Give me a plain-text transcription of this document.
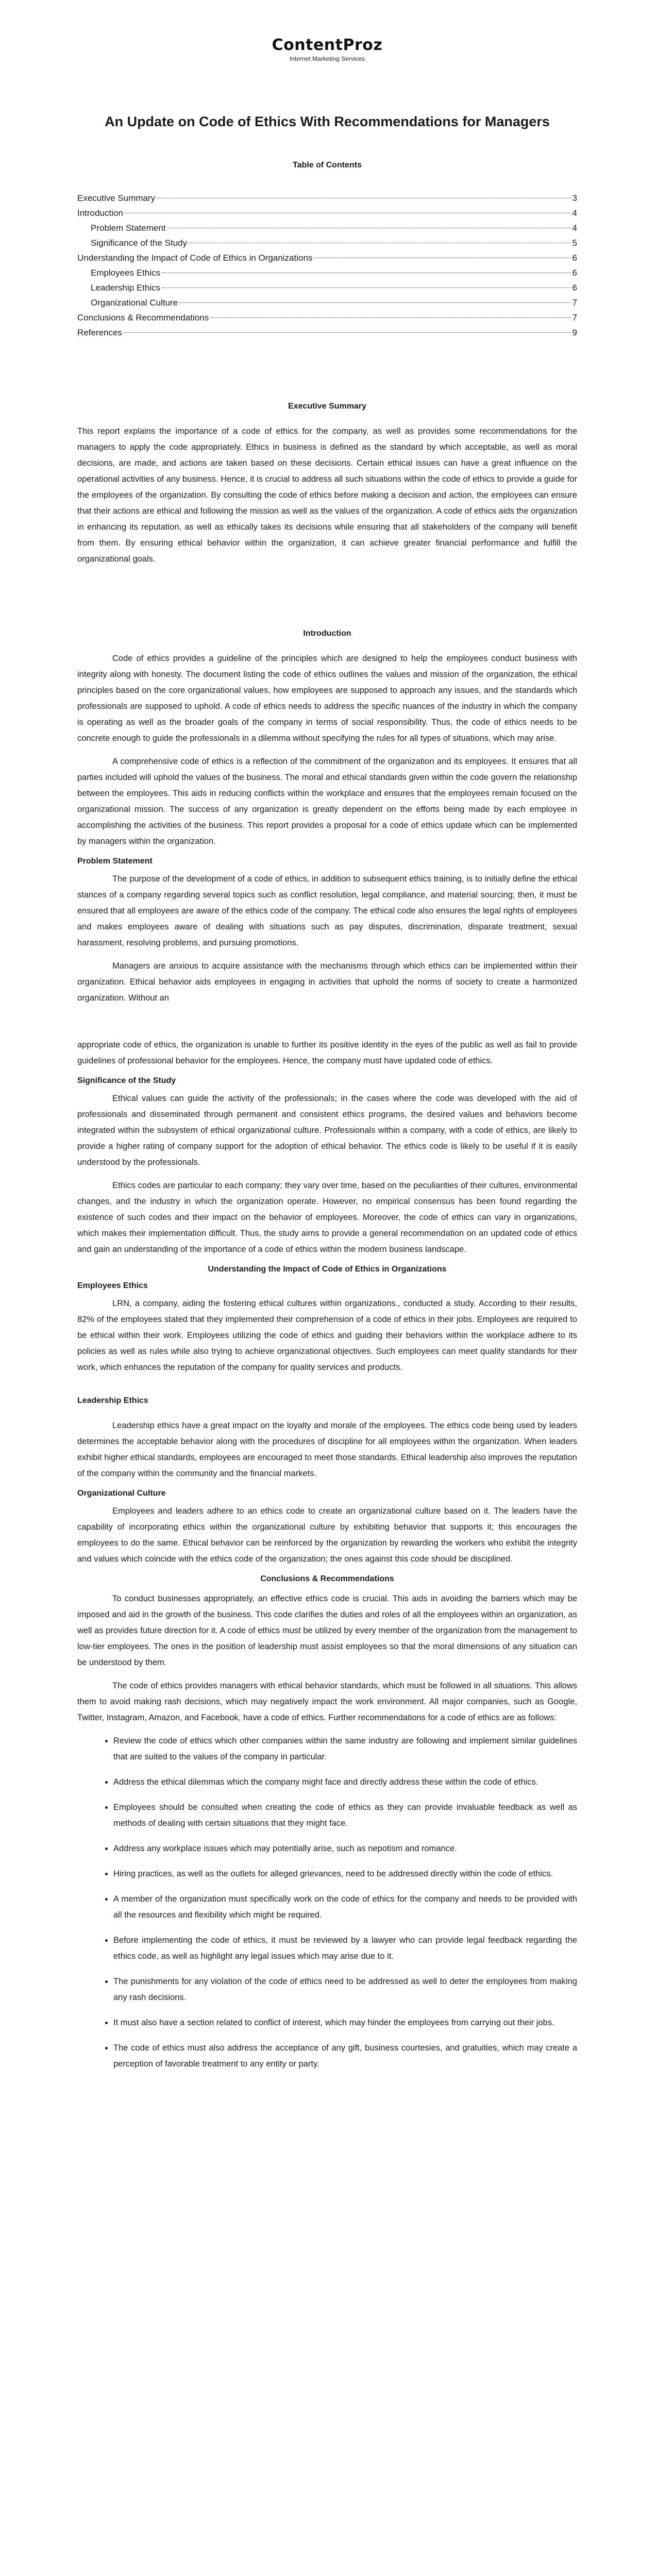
ContentProz
Internet Marketing Services
An Update on Code of Ethics With Recommendations for Managers
Table of Contents
Executive Summary	3
Introduction	4
Problem Statement	4
Significance of the Study	5
Understanding the Impact of Code of Ethics in Organizations	6
Employees Ethics	6
Leadership Ethics	6
Organizational Culture	7
Conclusions & Recommendations	7
References	9
Executive Summary

This report explains the importance of a code of ethics for the company, as well as provides some recommendations for the managers to apply the code appropriately. Ethics in business is defined as the standard by which acceptable, as well as moral decisions, are made, and actions are taken based on these decisions. Certain ethical issues can have a great influence on the operational activities of any business. Hence, it is crucial to address all such situations within the code of ethics to provide a guide for the employees of the organization. By consulting the code of ethics before making a decision and action, the employees can ensure that their actions are ethical and following the mission as well as the values of the organization. A code of ethics aids the organization in enhancing its reputation, as well as ethically takes its decisions while ensuring that all stakeholders of the company will benefit from them. By ensuring ethical behavior within the organization, it can achieve greater financial performance and fulfill the organizational goals.

Introduction

Code of ethics provides a guideline of the principles which are designed to help the employees conduct business with integrity along with honesty. The document listing the code of ethics outlines the values and mission of the organization, the ethical principles based on the core organizational values, how employees are supposed to approach any issues, and the standards which professionals are supposed to uphold. A code of ethics needs to address the specific nuances of the industry in which the company is operating as well as the broader goals of the company in terms of social responsibility. Thus, the code of ethics needs to be concrete enough to guide the professionals in a dilemma without specifying the rules for all types of situations, which may arise.

A comprehensive code of ethics is a reflection of the commitment of the organization and its employees. It ensures that all parties included will uphold the values of the business. The moral and ethical standards given within the code govern the relationship between the employees. This aids in reducing conflicts within the workplace and ensures that the employees remain focused on the organizational mission. The success of any organization is greatly dependent on the efforts being made by each employee in accomplishing the activities of the business. This report provides a proposal for a code of ethics update which can be implemented by managers within the organization.

Problem Statement

The purpose of the development of a code of ethics, in addition to subsequent ethics training, is to initially define the ethical stances of a company regarding several topics such as conflict resolution, legal compliance, and material sourcing; then, it must be ensured that all employees are aware of the ethics code of the company. The ethical code also ensures the legal rights of employees and makes employees aware of dealing with situations such as pay disputes, discrimination, disparate treatment, sexual harassment, resolving problems, and pursuing promotions.

Managers are anxious to acquire assistance with the mechanisms through which ethics can be implemented within their organization. Ethical behavior aids employees in engaging in activities that uphold the norms of society to create a harmonized organization. Without an

appropriate code of ethics, the organization is unable to further its positive identity in the eyes of the public as well as fail to provide guidelines of professional behavior for the employees. Hence, the company must have updated code of ethics.

Significance of the Study

Ethical values can guide the activity of the professionals; in the cases where the code was developed with the aid of professionals and disseminated through permanent and consistent ethics programs, the desired values and behaviors become integrated within the subsystem of ethical organizational culture. Professionals within a company, with a code of ethics, are likely to provide a higher rating of company support for the adoption of ethical behavior. The ethics code is likely to be useful if it is easily understood by the professionals.

Ethics codes are particular to each company; they vary over time, based on the peculiarities of their cultures, environmental changes, and the industry in which the organization operate. However, no empirical consensus has been found regarding the existence of such codes and their impact on the behavior of employees. Moreover, the code of ethics can vary in organizations, which makes their implementation difficult. Thus, the study aims to provide a general recommendation on an updated code of ethics and gain an understanding of the importance of a code of ethics within the modern business landscape.

Understanding the Impact of Code of Ethics in Organizations
Employees Ethics

LRN, a company, aiding the fostering ethical cultures within organizations., conducted a study. According to their results, 82% of the employees stated that they implemented their comprehension of a code of ethics in their jobs. Employees are required to be ethical within their work. Employees utilizing the code of ethics and guiding their behaviors within the workplace adhere to its policies as well as rules while also trying to achieve organizational objectives. Such employees can meet quality standards for their work, which enhances the reputation of the company for quality services and products.

Leadership Ethics

Leadership ethics have a great impact on the loyalty and morale of the employees. The ethics code being used by leaders determines the acceptable behavior along with the procedures of discipline for all employees within the organization. When leaders exhibit higher ethical standards, employees are encouraged to meet those standards. Ethical leadership also improves the reputation of the company within the community and the financial markets.

Organizational Culture

Employees and leaders adhere to an ethics code to create an organizational culture based on it. The leaders have the capability of incorporating ethics within the organizational culture by exhibiting behavior that supports it; this encourages the employees to do the same. Ethical behavior can be reinforced by the organization by rewarding the workers who exhibit the integrity and values which coincide with the ethics code of the organization; the ones against this code should be disciplined.

Conclusions & Recommendations

To conduct businesses appropriately, an effective ethics code is crucial. This aids in avoiding the barriers which may be imposed and aid in the growth of the business. This code clarifies the duties and roles of all the employees within an organization, as well as provides future direction for it. A code of ethics must be utilized by every member of the organization from the management to low-tier employees. The ones in the position of leadership must assist employees so that the moral dimensions of any situation can be understood by them.

The code of ethics provides managers with ethical behavior standards, which must be followed in all situations. This allows them to avoid making rash decisions, which may negatively impact the work environment. All major companies, such as Google, Twitter, Instagram, Amazon, and Facebook, have a code of ethics. Further recommendations for a code of ethics are as follows:

• Review the code of ethics which other companies within the same industry are following and implement similar guidelines that are suited to the values of the company in particular.
• Address the ethical dilemmas which the company might face and directly address these within the code of ethics.
• Employees should be consulted when creating the code of ethics as they can provide invaluable feedback as well as methods of dealing with certain situations that they might face.
• Address any workplace issues which may potentially arise, such as nepotism and romance.
• Hiring practices, as well as the outlets for alleged grievances, need to be addressed directly within the code of ethics.
• A member of the organization must specifically work on the code of ethics for the company and needs to be provided with all the resources and flexibility which might be required.
• Before implementing the code of ethics, it must be reviewed by a lawyer who can provide legal feedback regarding the ethics code, as well as highlight any legal issues which may arise due to it.
• The punishments for any violation of the code of ethics need to be addressed as well to deter the employees from making any rash decisions.
• It must also have a section related to conflict of interest, which may hinder the employees from carrying out their jobs.
• The code of ethics must also address the acceptance of any gift, business courtesies, and gratuities, which may create a perception of favorable treatment to any entity or party.
